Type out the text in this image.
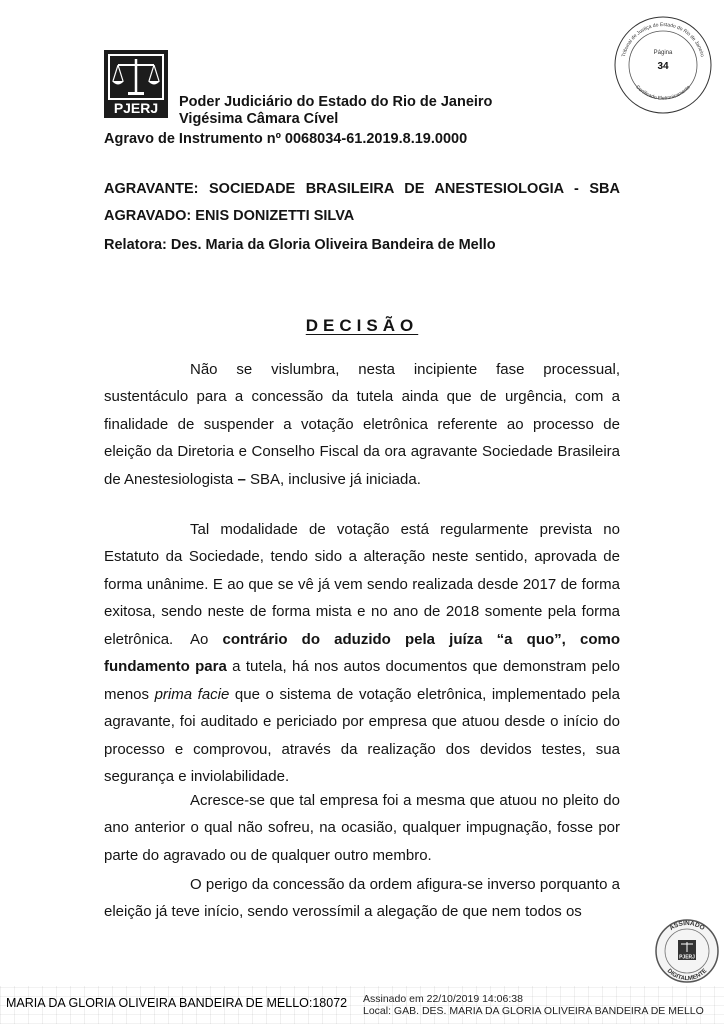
PJERJ Poder Judiciário do Estado do Rio de Janeiro
Vigésima Câmara Cível
Agravo de Instrumento nº 0068034-61.2019.8.19.0000
Tribunal de Justiça do Estado do Rio de Janeiro
Certificado Eletronicamente
Página
34
AGRAVANTE: SOCIEDADE BRASILEIRA DE ANESTESIOLOGIA - SBA
AGRAVADO: ENIS DONIZETTI SILVA
Relatora: Des. Maria da Gloria Oliveira Bandeira de Mello
DECISÃO
Não se vislumbra, nesta incipiente fase processual, sustentáculo para a concessão da tutela ainda que de urgência, com a finalidade de suspender a votação eletrônica referente ao processo de eleição da Diretoria e Conselho Fiscal da ora agravante Sociedade Brasileira de Anestesiologista – SBA, inclusive já iniciada.
Tal modalidade de votação está regularmente prevista no Estatuto da Sociedade, tendo sido a alteração neste sentido, aprovada de forma unânime. E ao que se vê já vem sendo realizada desde 2017 de forma exitosa, sendo neste de forma mista e no ano de 2018 somente pela forma eletrônica.	Ao contrário do aduzido pela juíza “a quo”, como fundamento para a tutela, há nos autos documentos que demonstram pelo menos prima facie que o sistema de votação eletrônica, implementado pela agravante, foi auditado e periciado por empresa que atuou desde o início do processo e comprovou, através da realização dos devidos testes, sua segurança e inviolabilidade.
Acresce-se que tal empresa foi a mesma que atuou no pleito do ano anterior o qual não sofreu, na ocasião, qualquer impugnação, fosse por parte do agravado ou de qualquer outro membro.
O perigo da concessão da ordem afigura-se inverso porquanto a eleição já teve início, sendo verossímil a alegação de que nem todos os
ASSINADO
DIGITALMENTE
PJERJ
MARIA DA GLORIA OLIVEIRA BANDEIRA DE MELLO:18072 Assinado em 22/10/2019 14:06:38
Local: GAB. DES. MARIA DA GLORIA OLIVEIRA BANDEIRA DE MELLO
